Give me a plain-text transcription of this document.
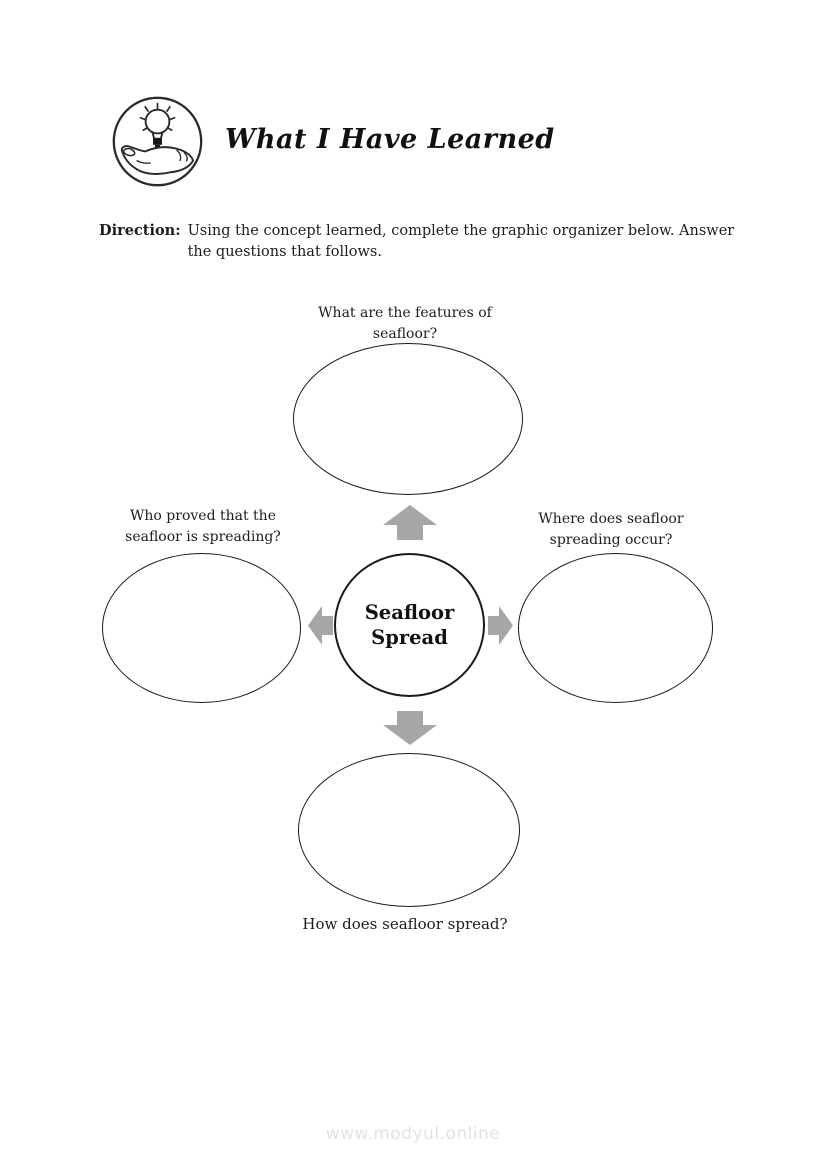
What I Have Learned
Direction: Using the concept learned, complete the graphic organizer below. Answer
the questions that follows.
What are the features of
seafloor?
Who proved that the
seafloor is spreading?
Where does seafloor
spreading occur?
Seafloor
Spread
How does seafloor spread?
www.modyul.online
